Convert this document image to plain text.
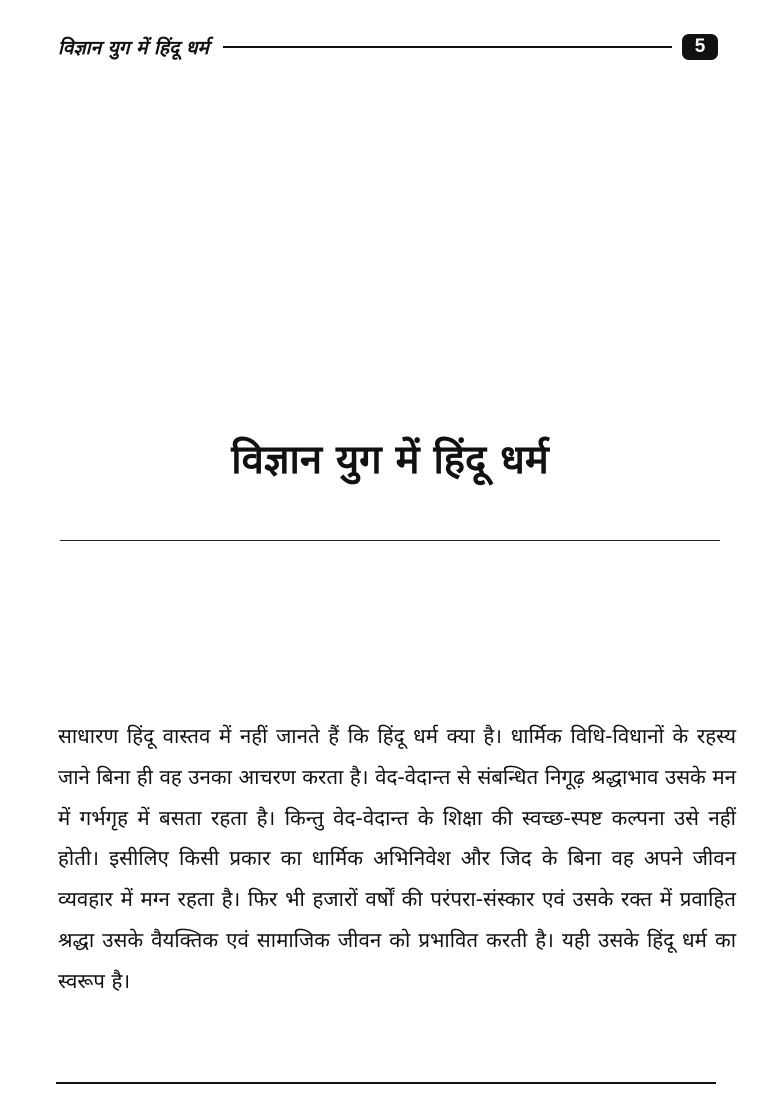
विज्ञान युग में हिंदू धर्म	5
विज्ञान युग में हिंदू धर्म

साधारण हिंदू वास्तव में नहीं जानते हैं कि हिंदू धर्म क्या है। धार्मिक विधि-विधानों के रहस्य जाने बिना ही वह उनका आचरण करता है। वेद-वेदान्त से संबन्धित निगूढ़ श्रद्धाभाव उसके मन में गर्भगृह में बसता रहता है। किन्तु वेद-वेदान्त के शिक्षा की स्वच्छ-स्पष्ट कल्पना उसे नहीं होती। इसीलिए किसी प्रकार का धार्मिक अभिनिवेश और जिद के बिना वह अपने जीवन व्यवहार में मग्न रहता है। फिर भी हजारों वर्षों की परंपरा-संस्कार एवं उसके रक्त में प्रवाहित श्रद्धा उसके वैयक्तिक एवं सामाजिक जीवन को प्रभावित करती है। यही उसके हिंदू धर्म का स्वरूप है।
